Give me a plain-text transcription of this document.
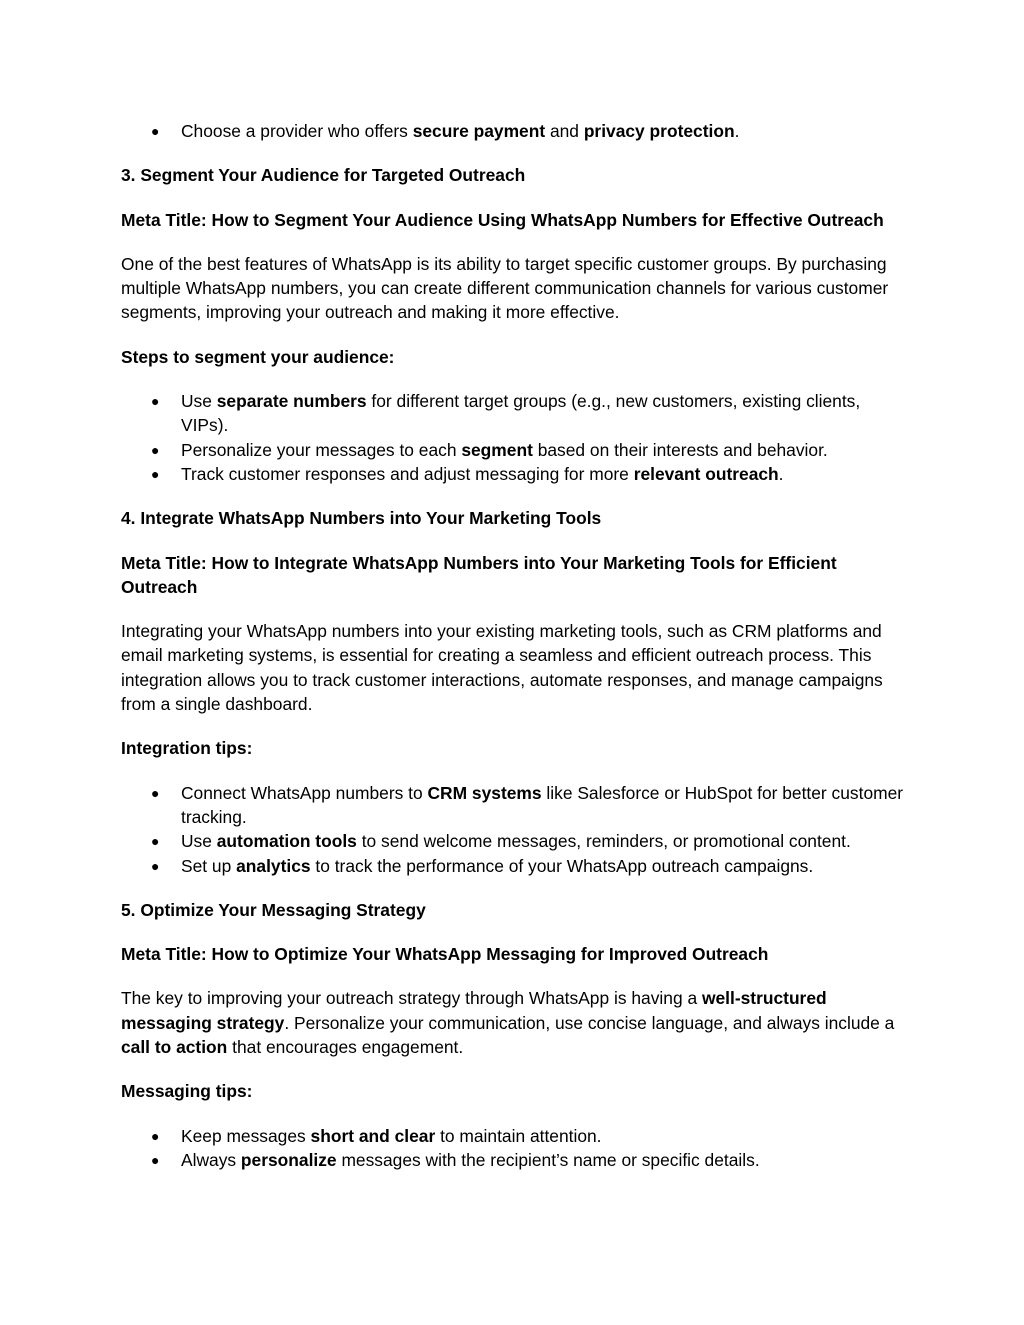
● Choose a provider who offers secure payment and privacy protection.
3. Segment Your Audience for Targeted Outreach
Meta Title: How to Segment Your Audience Using WhatsApp Numbers for Effective Outreach

One of the best features of WhatsApp is its ability to target specific customer groups. By purchasing multiple WhatsApp numbers, you can create different communication channels for various customer segments, improving your outreach and making it more effective.

Steps to segment your audience:
● Use separate numbers for different target groups (e.g., new customers, existing clients, VIPs).
● Personalize your messages to each segment based on their interests and behavior.
● Track customer responses and adjust messaging for more relevant outreach.
4. Integrate WhatsApp Numbers into Your Marketing Tools
Meta Title: How to Integrate WhatsApp Numbers into Your Marketing Tools for Efficient Outreach

Integrating your WhatsApp numbers into your existing marketing tools, such as CRM platforms and email marketing systems, is essential for creating a seamless and efficient outreach process. This integration allows you to track customer interactions, automate responses, and manage campaigns from a single dashboard.

Integration tips:
● Connect WhatsApp numbers to CRM systems like Salesforce or HubSpot for better customer tracking.
● Use automation tools to send welcome messages, reminders, or promotional content.
● Set up analytics to track the performance of your WhatsApp outreach campaigns.
5. Optimize Your Messaging Strategy
Meta Title: How to Optimize Your WhatsApp Messaging for Improved Outreach

The key to improving your outreach strategy through WhatsApp is having a well-structured messaging strategy. Personalize your communication, use concise language, and always include a call to action that encourages engagement.

Messaging tips:
● Keep messages short and clear to maintain attention.
● Always personalize messages with the recipient’s name or specific details.
